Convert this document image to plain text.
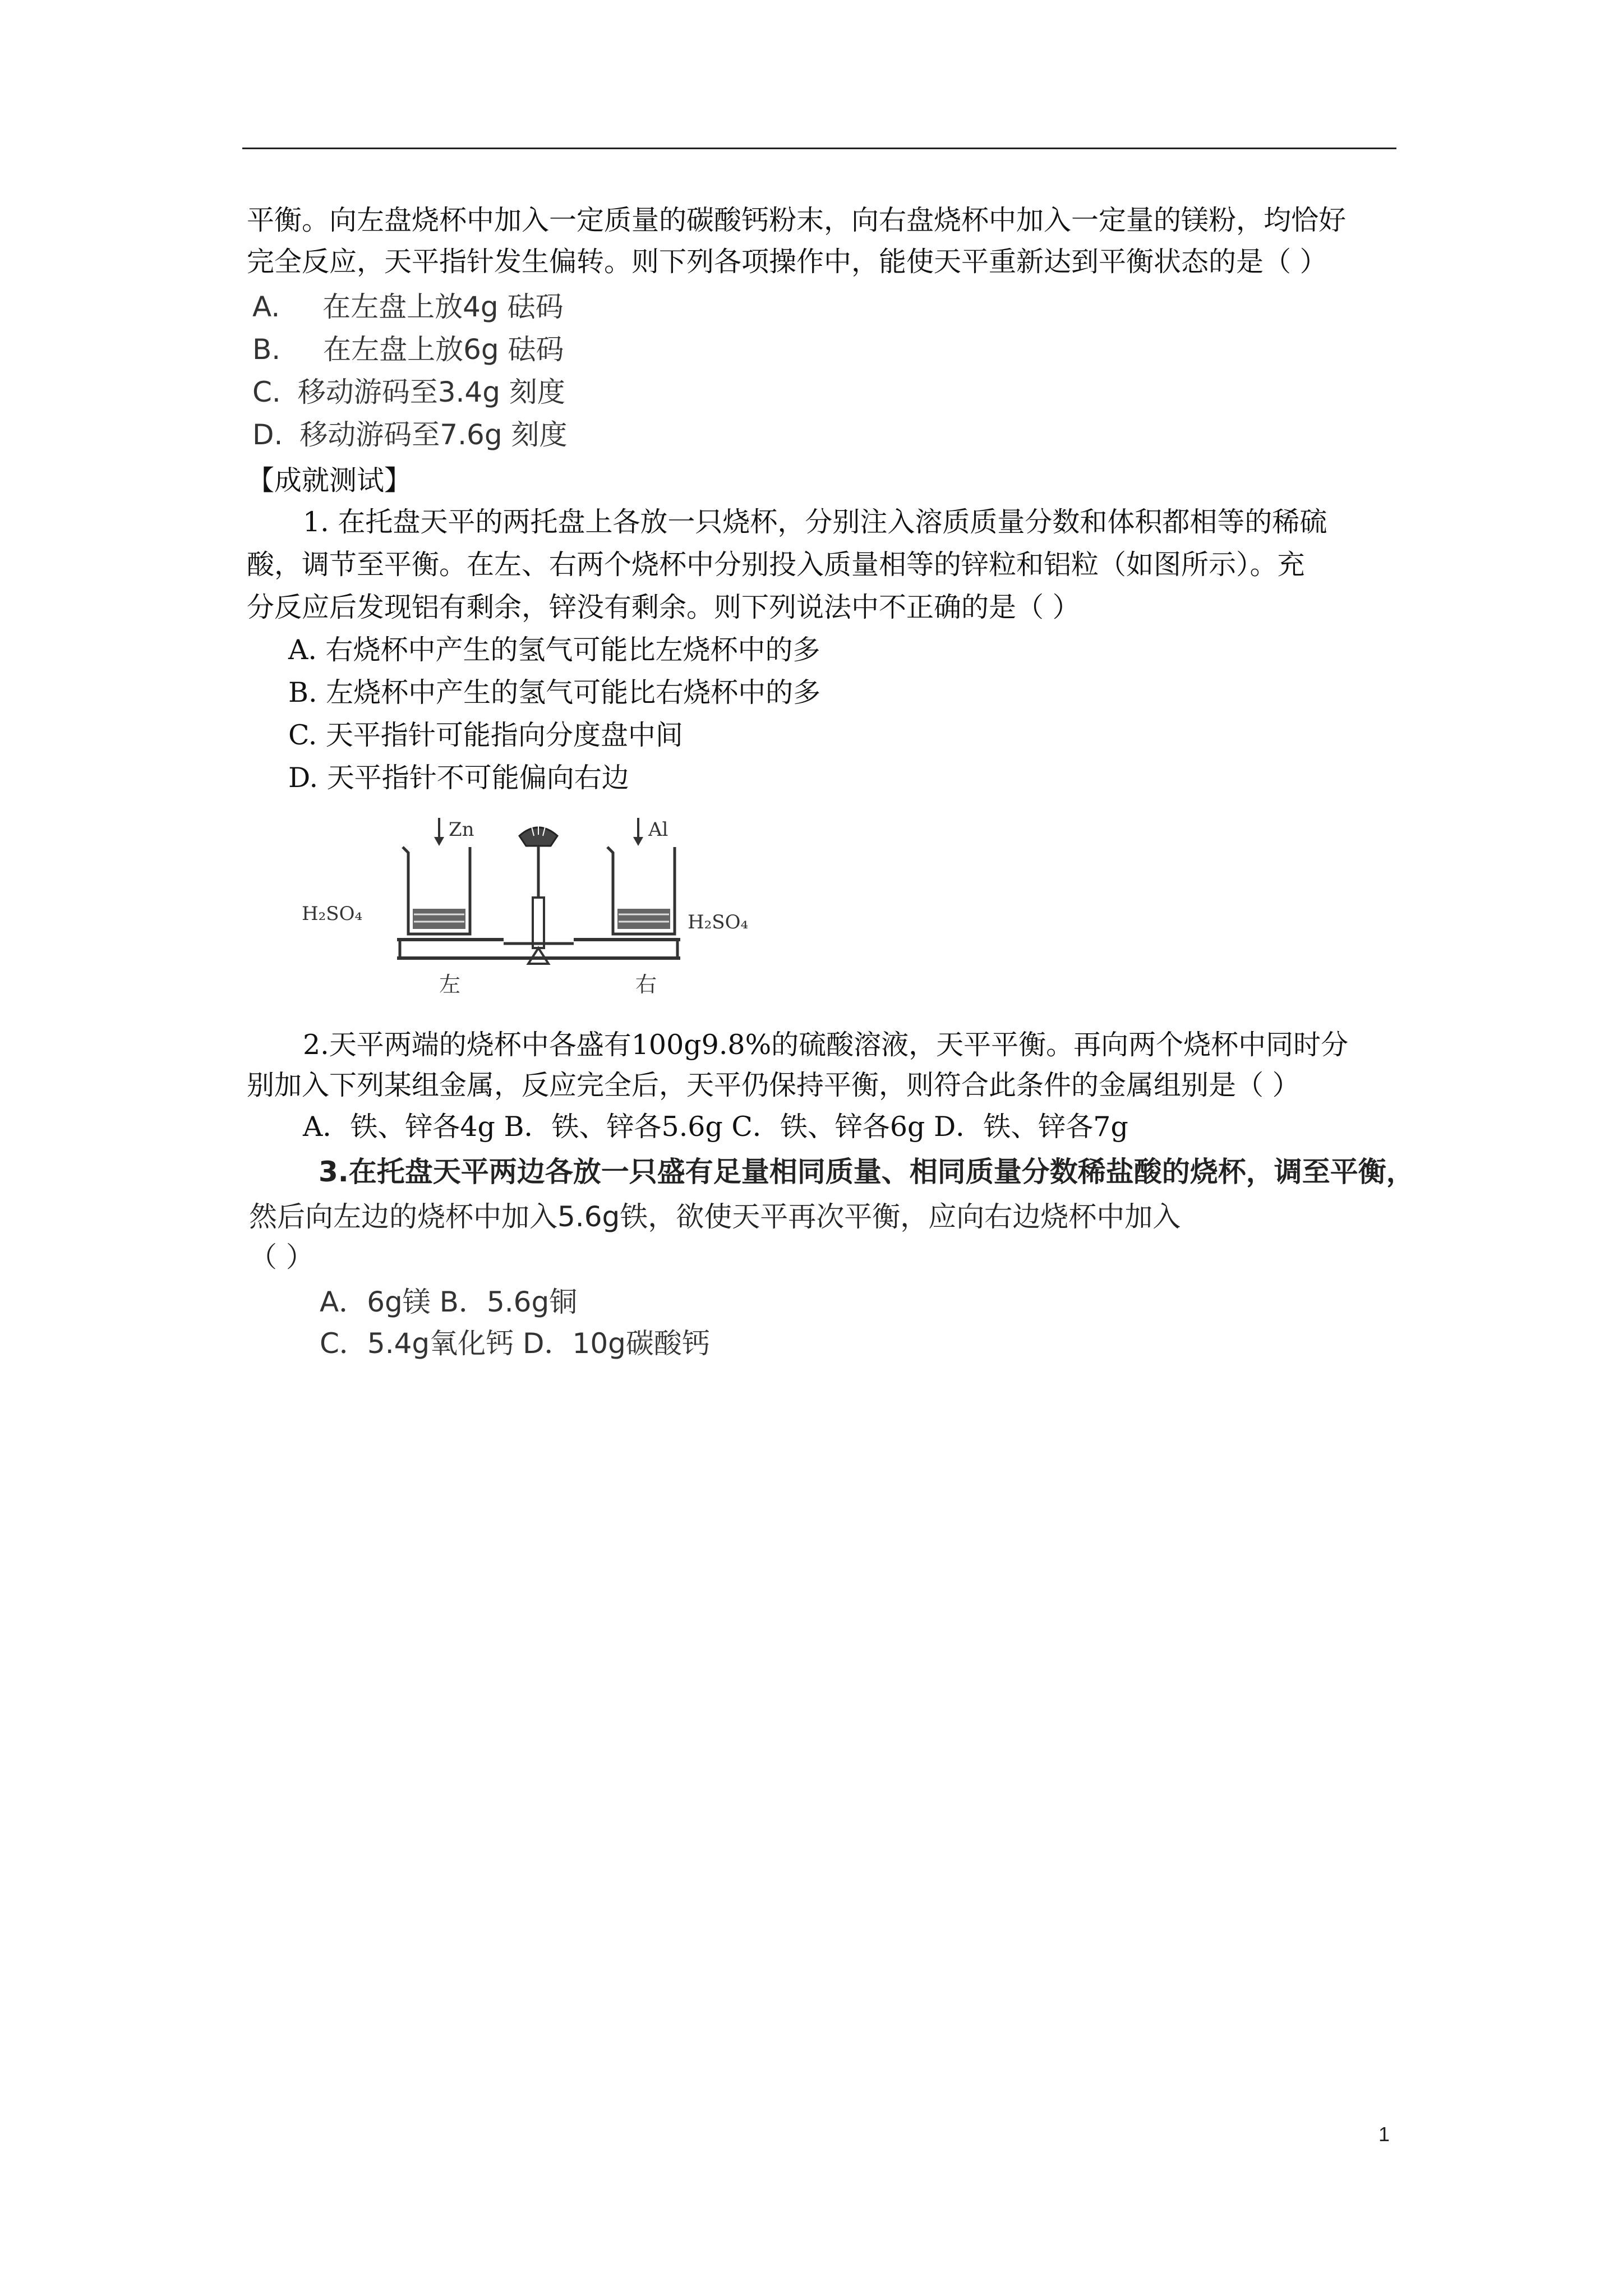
平衡。向左盘烧杯中加入一定质量的碳酸钙粉末，向右盘烧杯中加入一定量的镁粉，均恰好
完全反应，天平指针发生偏转。则下列各项操作中，能使天平重新达到平衡状态的是（ ）
A. 在左盘上放4g 砝码
B. 在左盘上放6g 砝码
C. 移动游码至3.4g 刻度
D. 移动游码至7.6g 刻度
【成就测试】
1. 在托盘天平的两托盘上各放一只烧杯，分别注入溶质质量分数和体积都相等的稀硫
酸，调节至平衡。在左、右两个烧杯中分别投入质量相等的锌粒和铝粒（如图所示）。充
分反应后发现铝有剩余，锌没有剩余。则下列说法中不正确的是（ ）
A. 右烧杯中产生的氢气可能比左烧杯中的多
B. 左烧杯中产生的氢气可能比右烧杯中的多
C. 天平指针可能指向分度盘中间
D. 天平指针不可能偏向右边
Zn
H₂SO₄
Al
H₂SO₄
左	右
2.天平两端的烧杯中各盛有100g9.8%的硫酸溶液，天平平衡。再向两个烧杯中同时分
别加入下列某组金属，反应完全后，天平仍保持平衡，则符合此条件的金属组别是（ ）
A．铁、锌各4g B．铁、锌各5.6g C．铁、锌各6g D．铁、锌各7g
3.在托盘天平两边各放一只盛有足量相同质量、相同质量分数稀盐酸的烧杯，调至平衡，
然后向左边的烧杯中加入5.6g铁，欲使天平再次平衡，应向右边烧杯中加入
（ ）
A．6g镁 B．5.6g铜
C．5.4g氧化钙 D．10g碳酸钙
1
